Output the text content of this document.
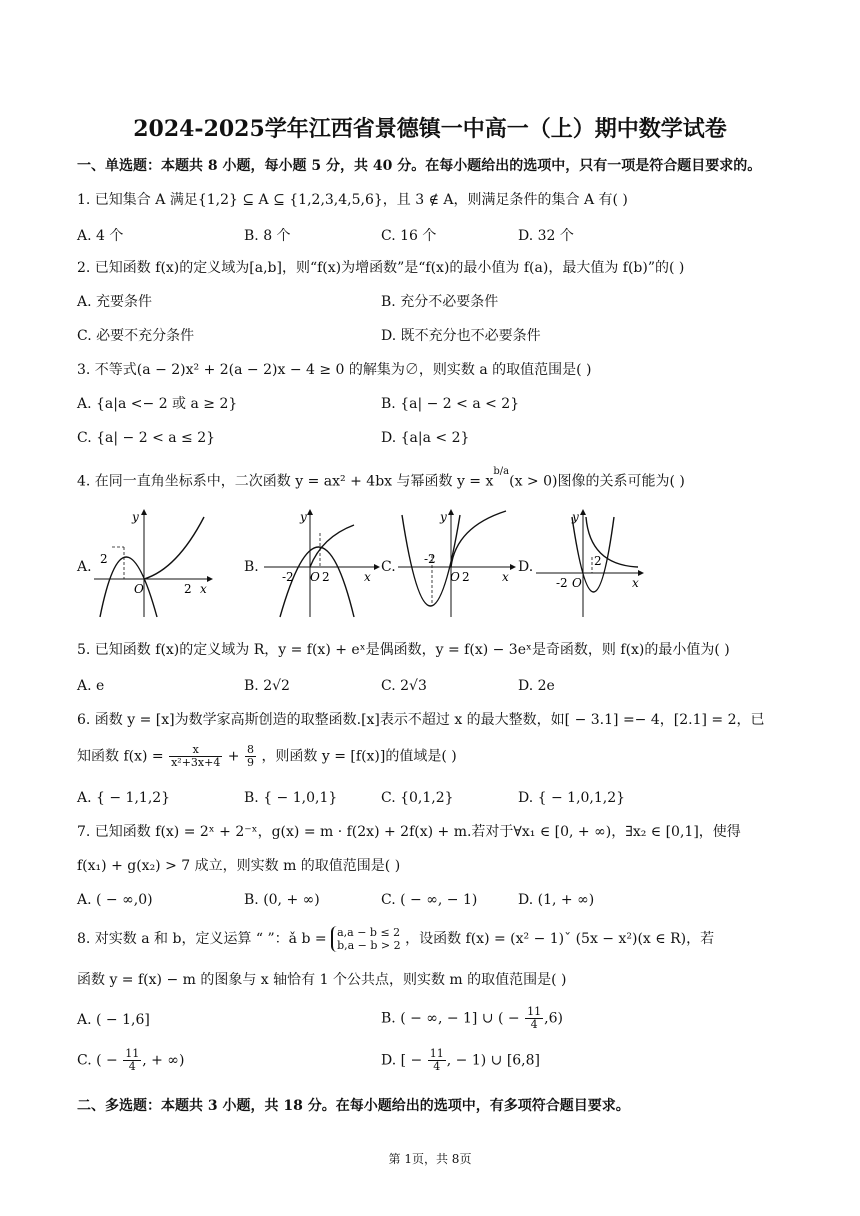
2024-2025学年江西省景德镇一中高一（上）期中数学试卷
一、单选题：本题共 8 小题，每小题 5 分，共 40 分。在每小题给出的选项中，只有一项是符合题目要求的。
1. 已知集合 A 满足{1,2} ⊆ A ⊆ {1,2,3,4,5,6}，且 3 ∉ A，则满足条件的集合 A 有( )
A. 4 个	B. 8 个	C. 16 个	D. 32 个
2. 已知函数 f(x)的定义域为[a,b]，则“f(x)为增函数”是“f(x)的最小值为 f(a)，最大值为 f(b)”的( )
A. 充要条件	B. 充分不必要条件
C. 必要不充分条件	D. 既不充分也不必要条件
3. 不等式(a − 2)x² + 2(a − 2)x − 4 ≥ 0 的解集为∅，则实数 a 的取值范围是( )
A. {a|a <− 2 或 a ≥ 2}	B. {a| − 2 < a < 2}
C. {a| − 2 < a ≤ 2}	D. {a|a < 2}
4. 在同一直角坐标系中，二次函数 y = ax² + 4bx 与幂函数 $y = x^{b/a}(x > 0)$图像的关系可能为( )
A.	B.	C.	D.
y
x
O
2
2
y
x
O
-2 2
y
x
O
-2
2
y
x
O
-2
2
5. 已知函数 f(x)的定义域为 R，y = f(x) + eˣ是偶函数，y = f(x) − 3eˣ是奇函数，则 f(x)的最小值为( )
A. e	B. 2√2	C. 2√3	D. 2e
6. 函数 y = [x]为数学家高斯创造的取整函数.[x]表示不超过 x 的最大整数，如[ − 3.1] =− 4，[2.1] = 2，已
知函数 $f(x) = \frac{x}{\text{x²+3x+4}} + \frac{8}{9}$ ，则函数 y = [f(x)]的值域是( )
A. { − 1,1,2}	B. { − 1,0,1}	C. {0,1,2}	D. { − 1,0,1,2}
7. 已知函数 f(x) = 2ˣ + 2⁻ˣ，g(x) = m · f(2x) + 2f(x) + m.若对于∀x₁ ∈ [0, + ∞)，∃x₂ ∈ [0,1]，使得
f(x₁) + g(x₂) > 7 成立，则实数 m 的取值范围是( )
A. ( − ∞,0)	B. (0, + ∞)	C. ( − ∞, − 1)	D. (1, + ∞)
8. 对实数 a 和 b，定义运算 “ ”：ǎ b = a,a − b ≤ 2
b,a − b > 2 ，设函数 f(x) = (x² − 1)ˇ (5x − x²)(x ∈ R)，若
函数 y = f(x) − m 的图象与 x 轴恰有 1 个公共点，则实数 m 的取值范围是( )
A. ( − 1,6]	B. ( − ∞, − 1] ∪ ( − $\frac{11}{4} ,6$)
C. ( − $\frac{11}{4}$ , + ∞)	D. [ − $\frac{11}{4}$ , − 1) ∪ [6,8]
二、多选题：本题共 3 小题，共 18 分。在每小题给出的选项中，有多项符合题目要求。
第 1页，共 8页
